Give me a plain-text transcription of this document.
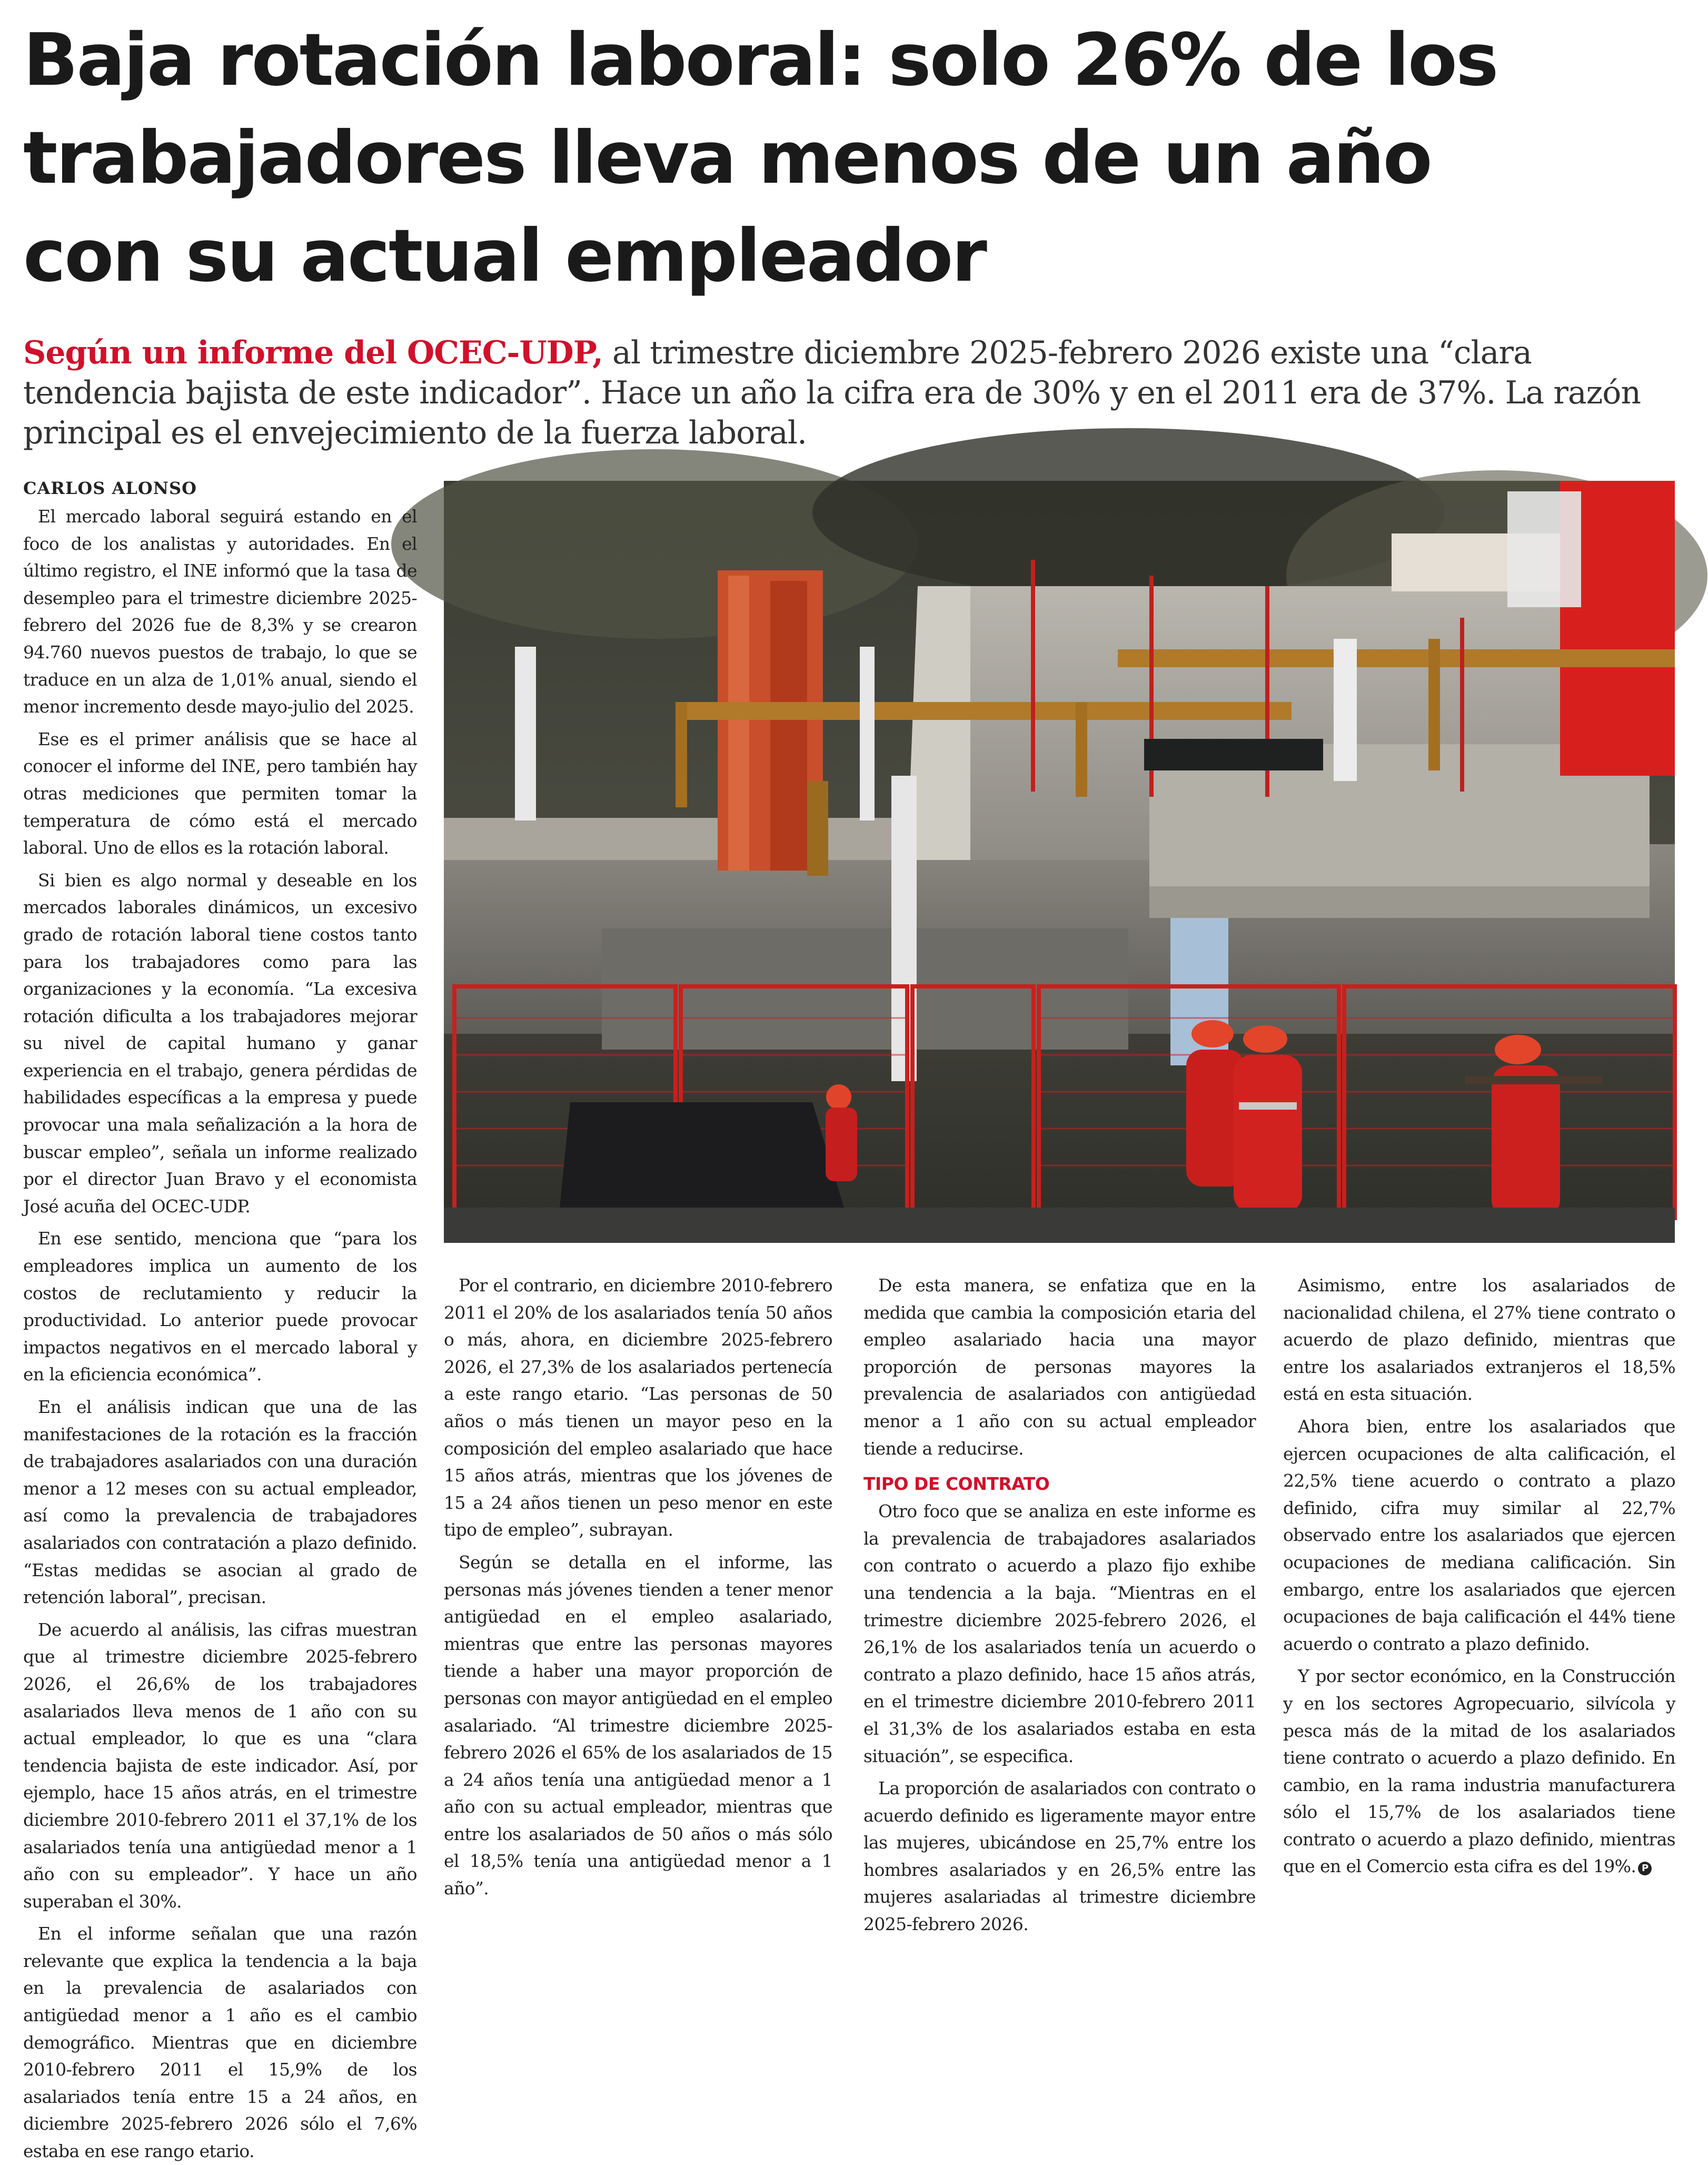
Baja rotación laboral: solo 26% de los
trabajadores lleva menos de un año
con su actual empleador

Según un informe del OCEC-UDP, al trimestre diciembre 2025-febrero 2026 existe una “clara tendencia bajista de este indicador”. Hace un año la cifra era de 30% y en el 2011 era de 37%. La razón principal es el envejecimiento de la fuerza laboral.

CARLOS ALONSO

El mercado laboral seguirá estando en el foco de los analistas y autoridades. En el último registro, el INE informó que la tasa de desempleo para el trimestre diciembre 2025-febrero del 2026 fue de 8,3% y se crearon 94.760 nuevos puestos de trabajo, lo que se traduce en un alza de 1,01% anual, siendo el menor incremento desde mayo-julio del 2025.

Ese es el primer análisis que se hace al conocer el informe del INE, pero también hay otras mediciones que permiten tomar la temperatura de cómo está el mercado laboral. Uno de ellos es la rotación laboral.

Si bien es algo normal y deseable en los mercados laborales dinámicos, un excesivo grado de rotación laboral tiene costos tanto para los trabajadores como para las organizaciones y la economía. “La excesiva rotación dificulta a los trabajadores mejorar su nivel de capital humano y ganar experiencia en el trabajo, genera pérdidas de habilidades específicas a la empresa y puede provocar una mala señalización a la hora de buscar empleo”, señala un informe realizado por el director Juan Bravo y el economista José acuña del OCEC-UDP.

En ese sentido, menciona que “para los empleadores implica un aumento de los costos de reclutamiento y reducir la productividad. Lo anterior puede provocar impactos negativos en el mercado laboral y en la eficiencia económica”.

En el análisis indican que una de las manifestaciones de la rotación es la fracción de trabajadores asalariados con una duración menor a 12 meses con su actual empleador, así como la prevalencia de trabajadores asalariados con contratación a plazo definido. “Estas medidas se asocian al grado de retención laboral”, precisan.

De acuerdo al análisis, las cifras muestran que al trimestre diciembre 2025-febrero 2026, el 26,6% de los trabajadores asalariados lleva menos de 1 año con su actual empleador, lo que es una “clara tendencia bajista de este indicador. Así, por ejemplo, hace 15 años atrás, en el trimestre diciembre 2010-febrero 2011 el 37,1% de los asalariados tenía una antigüedad menor a 1 año con su empleador”. Y hace un año superaban el 30%.

En el informe señalan que una razón relevante que explica la tendencia a la baja en la prevalencia de asalariados con antigüedad menor a 1 año es el cambio demográfico. Mientras que en diciembre 2010-febrero 2011 el 15,9% de los asalariados tenía entre 15 a 24 años, en diciembre 2025-febrero 2026 sólo el 7,6% estaba en ese rango etario.

Por el contrario, en diciembre 2010-febrero 2011 el 20% de los asalariados tenía 50 años o más, ahora, en diciembre 2025-febrero 2026, el 27,3% de los asalariados pertenecía a este rango etario. “Las personas de 50 años o más tienen un mayor peso en la composición del empleo asalariado que hace 15 años atrás, mientras que los jóvenes de 15 a 24 años tienen un peso menor en este tipo de empleo”, subrayan.

Según se detalla en el informe, las personas más jóvenes tienden a tener menor antigüedad en el empleo asalariado, mientras que entre las personas mayores tiende a haber una mayor proporción de personas con mayor antigüedad en el empleo asalariado. “Al trimestre diciembre 2025-febrero 2026 el 65% de los asalariados de 15 a 24 años tenía una antigüedad menor a 1 año con su actual empleador, mientras que entre los asalariados de 50 años o más sólo el 18,5% tenía una antigüedad menor a 1 año”.

De esta manera, se enfatiza que en la medida que cambia la composición etaria del empleo asalariado hacia una mayor proporción de personas mayores la prevalencia de asalariados con antigüedad menor a 1 año con su actual empleador tiende a reducirse.

TIPO DE CONTRATO

Otro foco que se analiza en este informe es la prevalencia de trabajadores asalariados con contrato o acuerdo a plazo fijo exhibe una tendencia a la baja. “Mientras en el trimestre diciembre 2025-febrero 2026, el 26,1% de los asalariados tenía un acuerdo o contrato a plazo definido, hace 15 años atrás, en el trimestre diciembre 2010-febrero 2011 el 31,3% de los asalariados estaba en esta situación”, se especifica.

La proporción de asalariados con contrato o acuerdo definido es ligeramente mayor entre las mujeres, ubicándose en 25,7% entre los hombres asalariados y en 26,5% entre las mujeres asalariadas al trimestre diciembre 2025-febrero 2026.

Asimismo, entre los asalariados de nacionalidad chilena, el 27% tiene contrato o acuerdo de plazo definido, mientras que entre los asalariados extranjeros el 18,5% está en esta situación.

Ahora bien, entre los asalariados que ejercen ocupaciones de alta calificación, el 22,5% tiene acuerdo o contrato a plazo definido, cifra muy similar al 22,7% observado entre los asalariados que ejercen ocupaciones de mediana calificación. Sin embargo, entre los asalariados que ejercen ocupaciones de baja calificación el 44% tiene acuerdo o contrato a plazo definido.

Y por sector económico, en la Construcción y en los sectores Agropecuario, silvícola y pesca más de la mitad de los asalariados tiene contrato o acuerdo a plazo definido. En cambio, en la rama industria manufacturera sólo el 15,7% de los asalariados tiene contrato o acuerdo a plazo definido, mientras que en el Comercio esta cifra es del 19%. P
